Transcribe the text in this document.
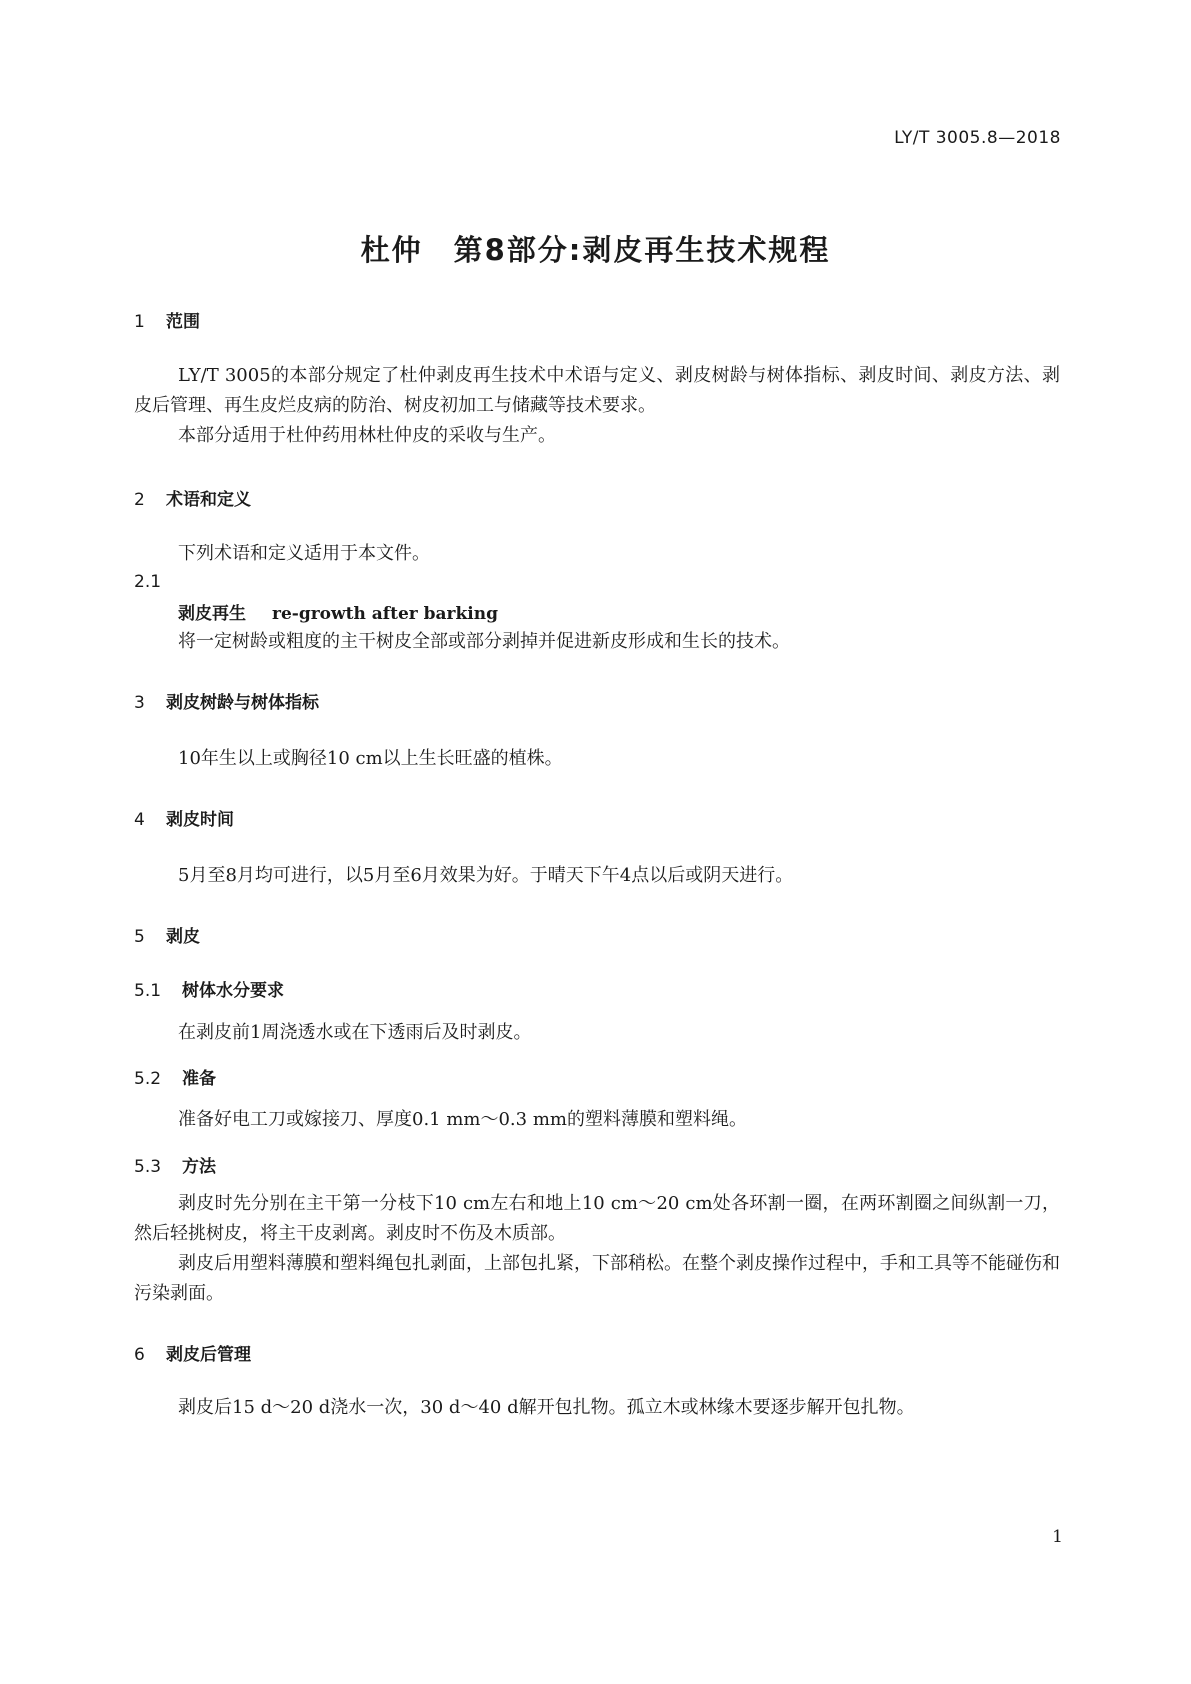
LY/T 3005.8—2018
杜仲　第8部分:剥皮再生技术规程
1 范围
LY/T 3005的本部分规定了杜仲剥皮再生技术中术语与定义、剥皮树龄与树体指标、剥皮时间、剥皮方法、剥皮后管理、再生皮烂皮病的防治、树皮初加工与储藏等技术要求。
本部分适用于杜仲药用林杜仲皮的采收与生产。
2 术语和定义
下列术语和定义适用于本文件。
2.1
剥皮再生 re-growth after barking
将一定树龄或粗度的主干树皮全部或部分剥掉并促进新皮形成和生长的技术。
3 剥皮树龄与树体指标
10年生以上或胸径10 cm以上生长旺盛的植株。
4 剥皮时间
5月至8月均可进行，以5月至6月效果为好。于晴天下午4点以后或阴天进行。
5 剥皮
5.1 树体水分要求
在剥皮前1周浇透水或在下透雨后及时剥皮。
5.2 准备
准备好电工刀或嫁接刀、厚度0.1 mm～0.3 mm的塑料薄膜和塑料绳。
5.3 方法
剥皮时先分别在主干第一分枝下10 cm左右和地上10 cm～20 cm处各环割一圈，在两环割圈之间纵割一刀，然后轻挑树皮，将主干皮剥离。剥皮时不伤及木质部。
剥皮后用塑料薄膜和塑料绳包扎剥面，上部包扎紧，下部稍松。在整个剥皮操作过程中，手和工具等不能碰伤和污染剥面。
6 剥皮后管理
剥皮后15 d～20 d浇水一次，30 d～40 d解开包扎物。孤立木或林缘木要逐步解开包扎物。
1
